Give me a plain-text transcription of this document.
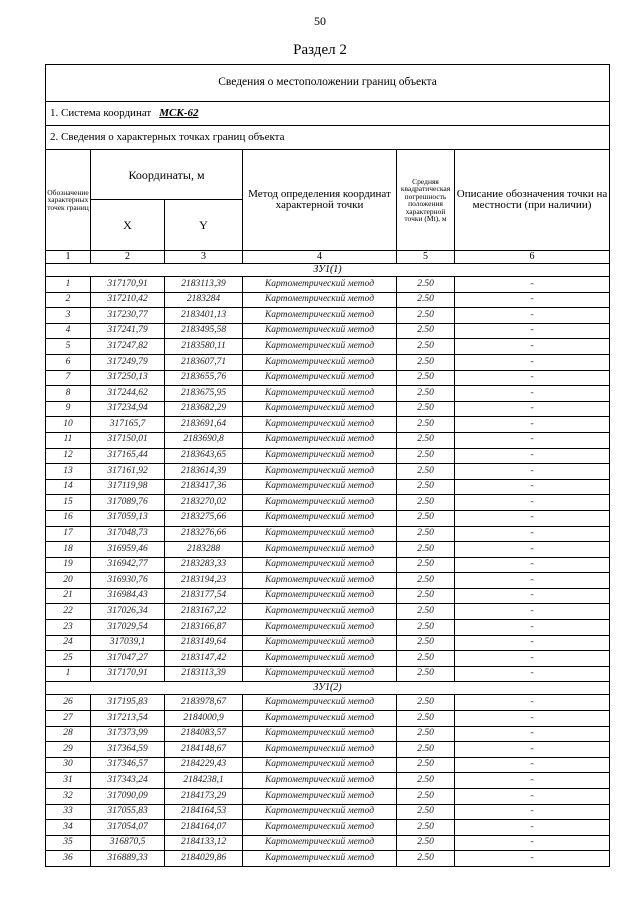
50
Раздел 2
Сведения о местоположении границ объекта					
1. Система координат МСК-62					
2. Сведения о характерных точках границ объекта					
Обозначение характерных точек границ	Координаты, м		Метод определения координат характерной точки	Средняя квадратическая погрешность положения характерной точки (Mt), м	Описание обозначения точки на местности (при наличии)
	X	Y			
1	2	3	4	5	6
ЗУ1(1)					
1	317170,91	2183113,39	Картометрический метод	2.50	-
2	317210,42	2183284	Картометрический метод	2.50	-
3	317230,77	2183401,13	Картометрический метод	2.50	-
4	317241,79	2183495,58	Картометрический метод	2.50	-
5	317247,82	2183580,11	Картометрический метод	2.50	-
6	317249,79	2183607,71	Картометрический метод	2.50	-
7	317250,13	2183655,76	Картометрический метод	2.50	-
8	317244,62	2183675,95	Картометрический метод	2.50	-
9	317234,94	2183682,29	Картометрический метод	2.50	-
10	317165,7	2183691,64	Картометрический метод	2.50	-
11	317150,01	2183690,8	Картометрический метод	2.50	-
12	317165,44	2183643,65	Картометрический метод	2.50	-
13	317161,92	2183614,39	Картометрический метод	2.50	-
14	317119,98	2183417,36	Картометрический метод	2.50	-
15	317089,76	2183270,02	Картометрический метод	2.50	-
16	317059,13	2183275,66	Картометрический метод	2.50	-
17	317048,73	2183276,66	Картометрический метод	2.50	-
18	316959,46	2183288	Картометрический метод	2.50	-
19	316942,77	2183283,33	Картометрический метод	2.50	-
20	316930,76	2183194,23	Картометрический метод	2.50	-
21	316984,43	2183177,54	Картометрический метод	2.50	-
22	317026,34	2183167,22	Картометрический метод	2.50	-
23	317029,54	2183166,87	Картометрический метод	2.50	-
24	317039,1	2183149,64	Картометрический метод	2.50	-
25	317047,27	2183147,42	Картометрический метод	2.50	-
1	317170,91	2183113,39	Картометрический метод	2.50	-
ЗУ1(2)					
26	317195,83	2183978,67	Картометрический метод	2.50	-
27	317213,54	2184000,9	Картометрический метод	2.50	-
28	317373,99	2184083,57	Картометрический метод	2.50	-
29	317364,59	2184148,67	Картометрический метод	2.50	-
30	317346,57	2184229,43	Картометрический метод	2.50	-
31	317343,24	2184238,1	Картометрический метод	2.50	-
32	317090,09	2184173,29	Картометрический метод	2.50	-
33	317055,83	2184164,53	Картометрический метод	2.50	-
34	317054,07	2184164,07	Картометрический метод	2.50	-
35	316870,5	2184133,12	Картометрический метод	2.50	-
36	316889,33	2184029,86	Картометрический метод	2.50	-
